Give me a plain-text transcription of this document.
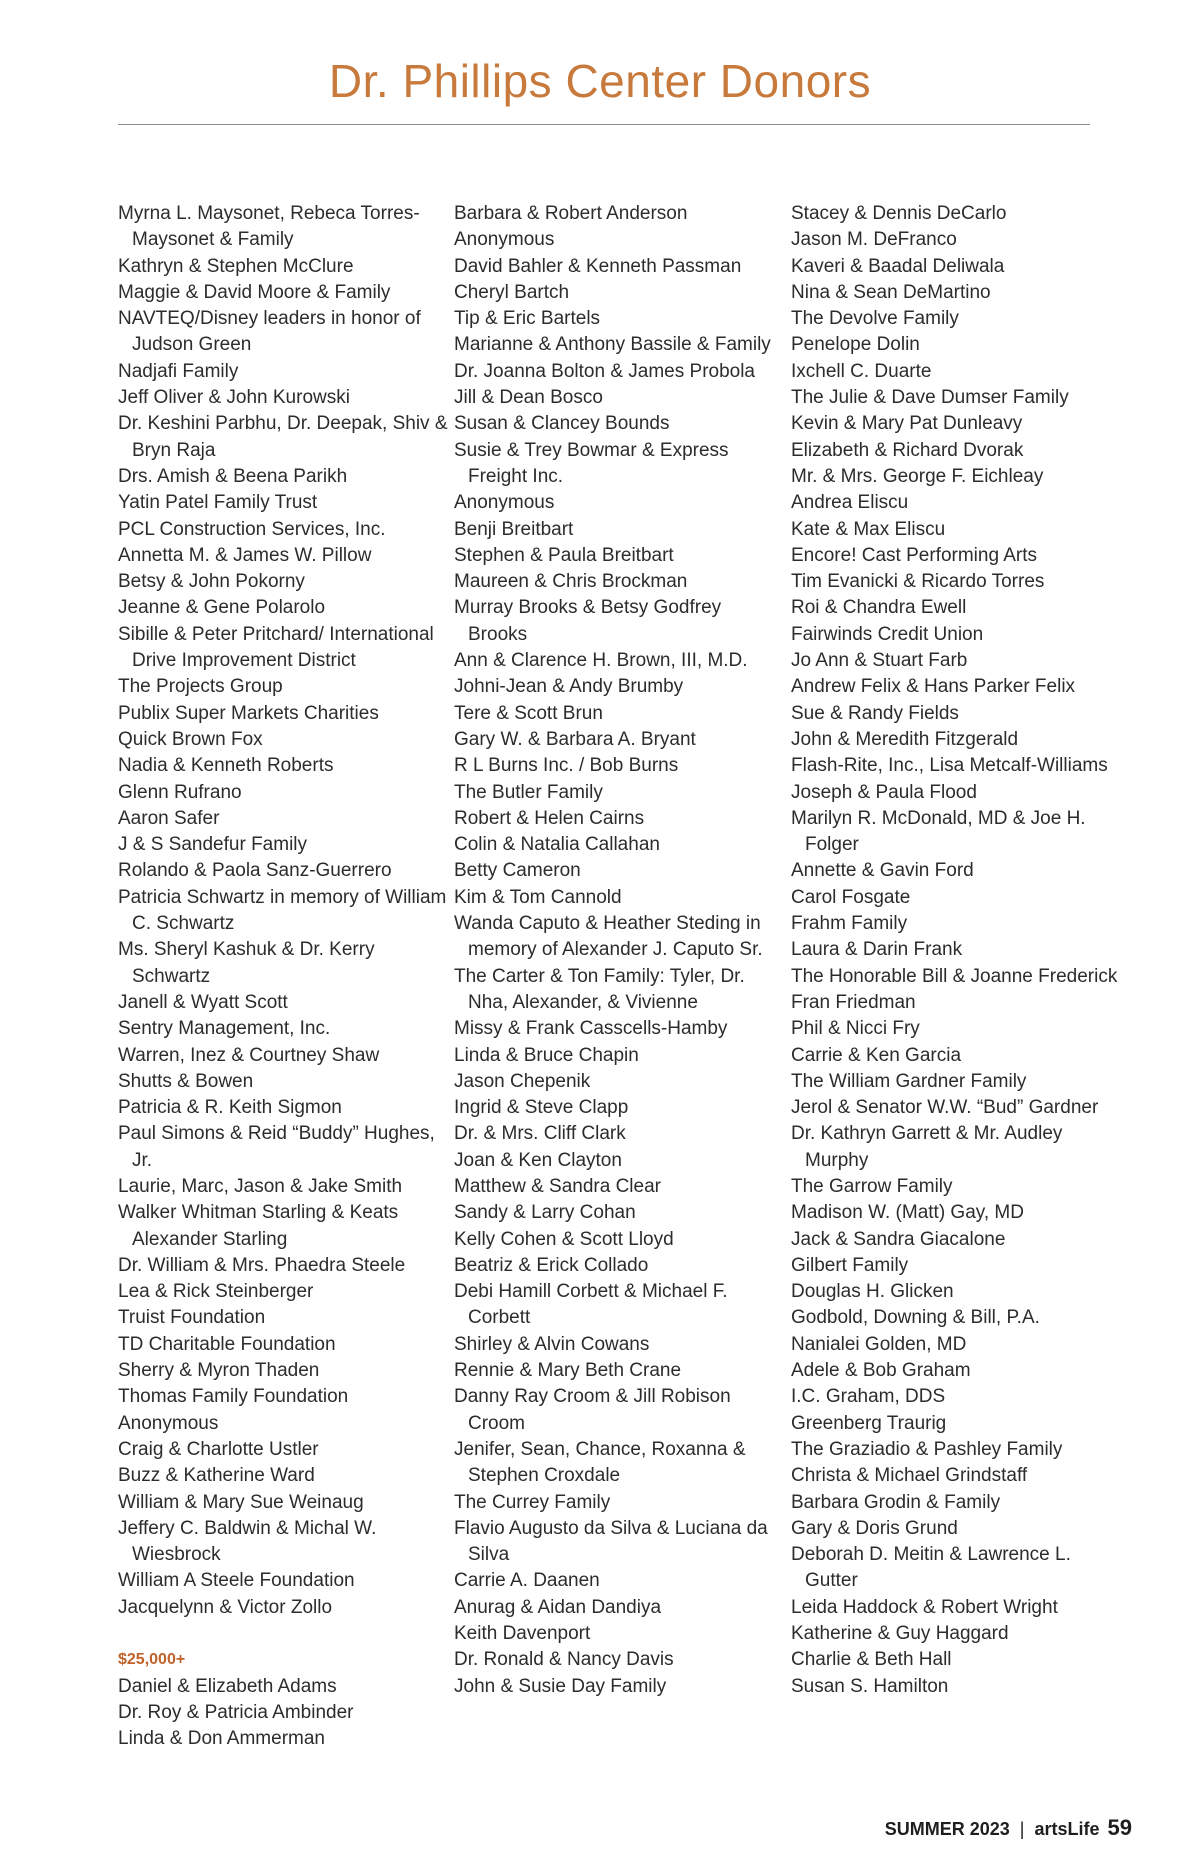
Dr. Phillips Center Donors
Myrna L. Maysonet, Rebeca Torres-Maysonet & Family
Kathryn & Stephen McClure
Maggie & David Moore & Family
NAVTEQ/Disney leaders in honor of Judson Green
Nadjafi Family
Jeff Oliver & John Kurowski
Dr. Keshini Parbhu, Dr. Deepak, Shiv & Bryn Raja
Drs. Amish & Beena Parikh
Yatin Patel Family Trust
PCL Construction Services, Inc.
Annetta M. & James W. Pillow
Betsy & John Pokorny
Jeanne & Gene Polarolo
Sibille & Peter Pritchard/ International Drive Improvement District
The Projects Group
Publix Super Markets Charities
Quick Brown Fox
Nadia & Kenneth Roberts
Glenn Rufrano
Aaron Safer
J & S Sandefur Family
Rolando & Paola Sanz-Guerrero
Patricia Schwartz in memory of William C. Schwartz
Ms. Sheryl Kashuk & Dr. Kerry Schwartz
Janell & Wyatt Scott
Sentry Management, Inc.
Warren, Inez & Courtney Shaw
Shutts & Bowen
Patricia & R. Keith Sigmon
Paul Simons & Reid “Buddy” Hughes, Jr.
Laurie, Marc, Jason & Jake Smith
Walker Whitman Starling & Keats Alexander Starling
Dr. William & Mrs. Phaedra Steele
Lea & Rick Steinberger
Truist Foundation
TD Charitable Foundation
Sherry & Myron Thaden
Thomas Family Foundation
Anonymous
Craig & Charlotte Ustler
Buzz & Katherine Ward
William & Mary Sue Weinaug
Jeffery C. Baldwin & Michal W. Wiesbrock
William A Steele Foundation
Jacquelynn & Victor Zollo
$25,000+
Daniel & Elizabeth Adams
Dr. Roy & Patricia Ambinder
Linda & Don Ammerman
Barbara & Robert Anderson
Anonymous
David Bahler & Kenneth Passman
Cheryl Bartch
Tip & Eric Bartels
Marianne & Anthony Bassile & Family
Dr. Joanna Bolton & James Probola
Jill & Dean Bosco
Susan & Clancey Bounds
Susie & Trey Bowmar & Express Freight Inc.
Anonymous
Benji Breitbart
Stephen & Paula Breitbart
Maureen & Chris Brockman
Murray Brooks & Betsy Godfrey Brooks
Ann & Clarence H. Brown, III, M.D.
Johni-Jean & Andy Brumby
Tere & Scott Brun
Gary W. & Barbara A. Bryant
R L Burns Inc. / Bob Burns
The Butler Family
Robert & Helen Cairns
Colin & Natalia Callahan
Betty Cameron
Kim & Tom Cannold
Wanda Caputo & Heather Steding in memory of Alexander J. Caputo Sr.
The Carter & Ton Family: Tyler, Dr. Nha, Alexander, & Vivienne
Missy & Frank Casscells-Hamby
Linda & Bruce Chapin
Jason Chepenik
Ingrid & Steve Clapp
Dr. & Mrs. Cliff Clark
Joan & Ken Clayton
Matthew & Sandra Clear
Sandy & Larry Cohan
Kelly Cohen & Scott Lloyd
Beatriz & Erick Collado
Debi Hamill Corbett & Michael F. Corbett
Shirley & Alvin Cowans
Rennie & Mary Beth Crane
Danny Ray Croom & Jill Robison Croom
Jenifer, Sean, Chance, Roxanna & Stephen Croxdale
The Currey Family
Flavio Augusto da Silva & Luciana da Silva
Carrie A. Daanen
Anurag & Aidan Dandiya
Keith Davenport
Dr. Ronald & Nancy Davis
John & Susie Day Family
Stacey & Dennis DeCarlo
Jason M. DeFranco
Kaveri & Baadal Deliwala
Nina & Sean DeMartino
The Devolve Family
Penelope Dolin
Ixchell C. Duarte
The Julie & Dave Dumser Family
Kevin & Mary Pat Dunleavy
Elizabeth & Richard Dvorak
Mr. & Mrs. George F. Eichleay
Andrea Eliscu
Kate & Max Eliscu
Encore! Cast Performing Arts
Tim Evanicki & Ricardo Torres
Roi & Chandra Ewell
Fairwinds Credit Union
Jo Ann & Stuart Farb
Andrew Felix & Hans Parker Felix
Sue & Randy Fields
John & Meredith Fitzgerald
Flash-Rite, Inc., Lisa Metcalf-Williams
Joseph & Paula Flood
Marilyn R. McDonald, MD & Joe H. Folger
Annette & Gavin Ford
Carol Fosgate
Frahm Family
Laura & Darin Frank
The Honorable Bill & Joanne Frederick
Fran Friedman
Phil & Nicci Fry
Carrie & Ken Garcia
The William Gardner Family
Jerol & Senator W.W. “Bud” Gardner
Dr. Kathryn Garrett & Mr. Audley Murphy
The Garrow Family
Madison W. (Matt) Gay, MD
Jack & Sandra Giacalone
Gilbert Family
Douglas H. Glicken
Godbold, Downing & Bill, P.A.
Nanialei Golden, MD
Adele & Bob Graham
I.C. Graham, DDS
Greenberg Traurig
The Graziadio & Pashley Family
Christa & Michael Grindstaff
Barbara Grodin & Family
Gary & Doris Grund
Deborah D. Meitin & Lawrence L. Gutter
Leida Haddock & Robert Wright
Katherine & Guy Haggard
Charlie & Beth Hall
Susan S. Hamilton
SUMMER 2023 | artsLife 59
